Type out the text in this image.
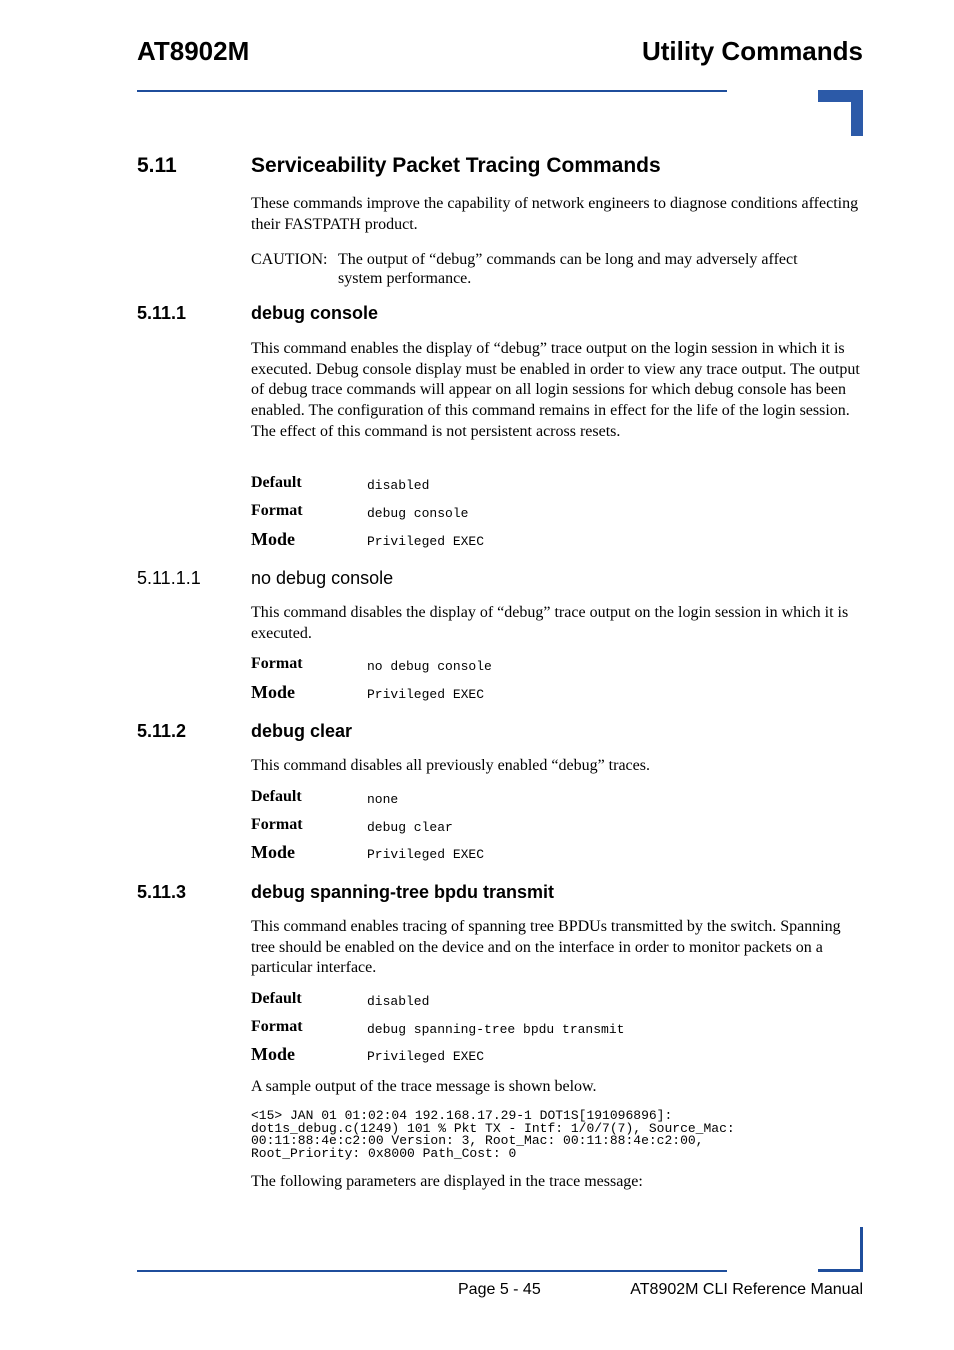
AT8902M	Utility Commands
5.11	Serviceability Packet Tracing Commands
These commands improve the capability of network engineers to diagnose conditions affecting their FASTPATH product.
CAUTION: The output of “debug” commands can be long and may adversely affect system performance.
5.11.1	debug console
This command enables the display of “debug” trace output on the login session in which it is executed. Debug console display must be enabled in order to view any trace output. The output of debug trace commands will appear on all login sessions for which debug console has been enabled. The configuration of this command remains in effect for the life of the login session. The effect of this command is not persistent across resets.
Default	disabled
Format	debug console
Mode	Privileged EXEC
5.11.1.1	no debug console
This command disables the display of “debug” trace output on the login session in which it is executed.
Format	no debug console
Mode	Privileged EXEC
5.11.2	debug clear
This command disables all previously enabled “debug” traces.
Default	none
Format	debug clear
Mode	Privileged EXEC
5.11.3	debug spanning-tree bpdu transmit
This command enables tracing of spanning tree BPDUs transmitted by the switch. Spanning tree should be enabled on the device and on the interface in order to monitor packets on a particular interface.
Default	disabled
Format	debug spanning-tree bpdu transmit
Mode	Privileged EXEC
A sample output of the trace message is shown below.
<15> JAN 01 01:02:04 192.168.17.29-1 DOT1S[191096896]:
dot1s_debug.c(1249) 101 % Pkt TX - Intf: 1/0/7(7), Source_Mac:
00:11:88:4e:c2:00 Version: 3, Root_Mac: 00:11:88:4e:c2:00,
Root_Priority: 0x8000 Path_Cost: 0
The following parameters are displayed in the trace message:
Page 5 - 45	AT8902M CLI Reference Manual
